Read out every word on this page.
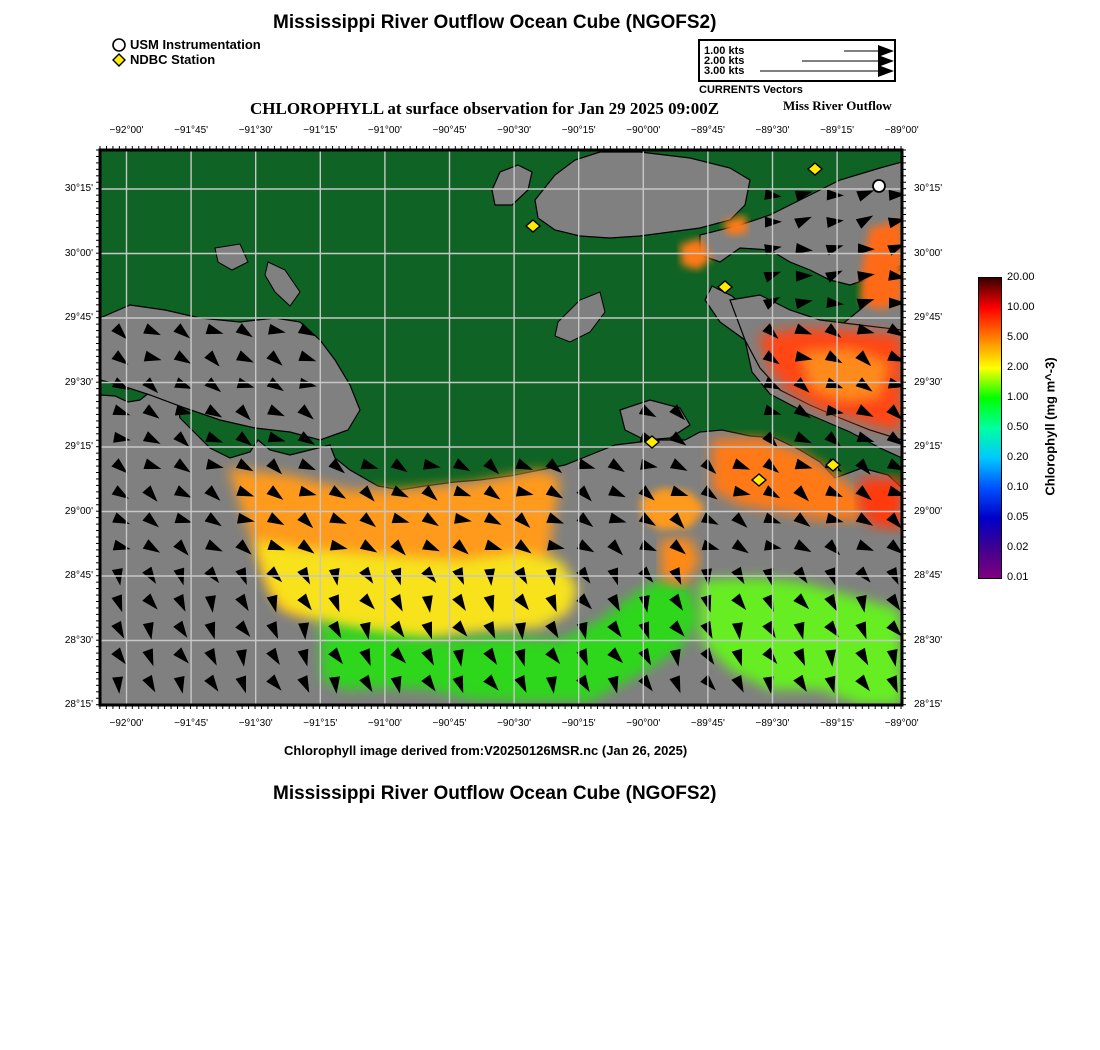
Mississippi River Outflow Ocean Cube (NGOFS2)
USM Instrumentation
NDBC Station
1.00 kts
2.00 kts
3.00 kts
CURRENTS Vectors
CHLOROPHYLL at surface observation for Jan 29 2025 09:00Z	Miss River Outflow
−92°00'	−91°45'	−91°30'	−91°15'	−91°00'	−90°45'	−90°30'	−90°15'	−90°00'	−89°45'	−89°30'	−89°15'	−89°00'
−92°00'	−91°45'	−91°30'	−91°15'	−91°00'	−90°45'	−90°30'	−90°15'	−90°00'	−89°45'	−89°30'	−89°15'	−89°00'
30°15'
30°00'
29°45'
29°30'
29°15'
29°00'
28°45'
28°30'
28°15'
30°15'
30°00'
29°45'
29°30'
29°15'
29°00'
28°45'
28°30'
28°15'
20.00
10.00
5.00
2.00
1.00
0.50
0.20
0.10
0.05
0.02
0.01
Chlorophyll (mg m^-3)
Chlorophyll image derived from:V20250126MSR.nc (Jan 26, 2025)
Mississippi River Outflow Ocean Cube (NGOFS2)
